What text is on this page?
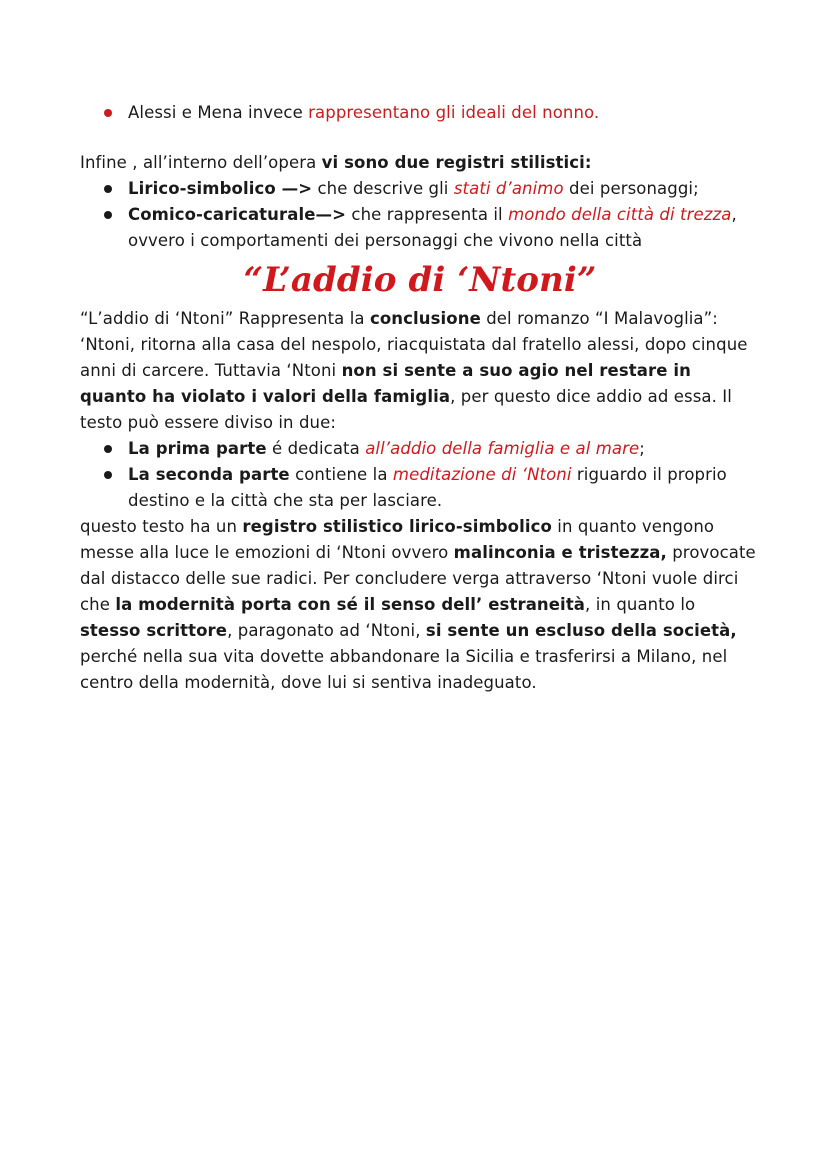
Alessi e Mena invece rappresentano gli ideali del nonno.

Infine , all’interno dell’opera vi sono due registri stilistici:

Lirico-simbolico —> che descrive gli stati d’animo dei personaggi;
Comico-caricaturale—> che rappresenta il mondo della città di trezza, ovvero i comportamenti dei personaggi che vivono nella città
“L’addio di ‘Ntoni”

“L’addio di ‘Ntoni” Rappresenta la conclusione del romanzo “I Malavoglia”: ‘Ntoni, ritorna alla casa del nespolo, riacquistata dal fratello alessi, dopo cinque anni di carcere. Tuttavia ‘Ntoni non si sente a suo agio nel restare in quanto ha violato i valori della famiglia, per questo dice addio ad essa. Il testo può essere diviso in due:

La prima parte é dedicata all’addio della famiglia e al mare;
La seconda parte contiene la meditazione di ‘Ntoni riguardo il proprio destino e la città che sta per lasciare.

questo testo ha un registro stilistico lirico-simbolico in quanto vengono messe alla luce le emozioni di ‘Ntoni ovvero malinconia e tristezza, provocate dal distacco delle sue radici. Per concludere verga attraverso ‘Ntoni vuole dirci che la modernità porta con sé il senso dell’ estraneità, in quanto lo stesso scrittore, paragonato ad ‘Ntoni, si sente un escluso della società, perché nella sua vita dovette abbandonare la Sicilia e trasferirsi a Milano, nel centro della modernità, dove lui si sentiva inadeguato.
